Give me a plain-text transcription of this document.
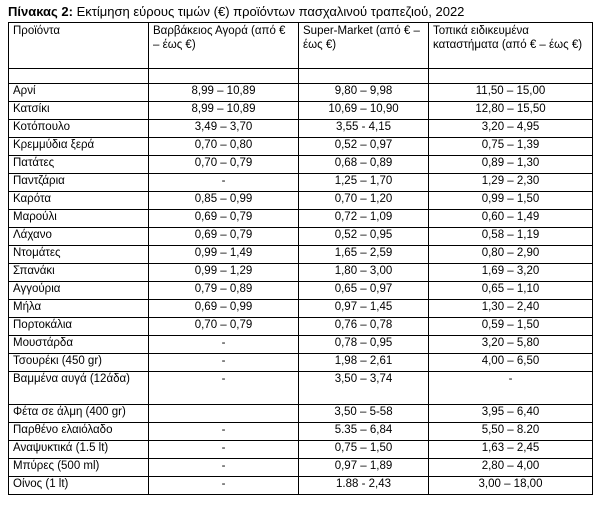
Πίνακας 2: Εκτίμηση εύρους τιμών (€) προϊόντων πασχαλινού τραπεζιού, 2022
Προϊόντα	Βαρβάκειος Αγορά (από € – έως €)	Super-Market (από € – έως €)	Τοπικά ειδικευμένα καταστήματα (από € – έως €)

Αρνί	8,99 – 10,89	9,80 – 9,98	11,50 – 15,00
Κατσίκι	8,99 – 10,89	10,69 – 10,90	12,80 – 15,50
Κοτόπουλο	3,49 – 3,70	3,55 - 4,15	3,20 – 4,95
Κρεμμύδια ξερά	0,70 – 0,80	0,52 – 0,97	0,75 – 1,39
Πατάτες	0,70 – 0,79	0,68 – 0,89	0,89 – 1,30
Παντζάρια	-	1,25 – 1,70	1,29 – 2,30
Καρότα	0,85 – 0,99	0,70 – 1,20	0,99 – 1,50
Μαρούλι	0,69 – 0,79	0,72 – 1,09	0,60 – 1,49
Λάχανο	0,69 – 0,79	0,52 – 0,95	0,58 – 1,19
Ντομάτες	0,99 – 1,49	1,65 – 2,59	0,80 – 2,90
Σπανάκι	0,99 – 1,29	1,80 – 3,00	1,69 – 3,20
Αγγούρια	0,79 – 0,89	0,65 – 0,97	0,65 – 1,10
Μήλα	0,69 – 0,99	0,97 – 1,45	1,30 – 2,40
Πορτοκάλια	0,70 – 0,79	0,76 – 0,78	0,59 – 1,50
Μουστάρδα	-	0,78 – 0,95	3,20 – 5,80
Τσουρέκι (450 gr)	-	1,98 – 2,61	4,00 – 6,50
Βαμμένα αυγά (12άδα)	-	3,50 – 3,74	-
Φέτα σε άλμη (400 gr)		3,50 – 5-58	3,95 – 6,40
Παρθένο ελαιόλαδο	-	5.35 – 6,84	5,50 – 8.20
Αναψυκτικά (1.5 lt)	-	0,75 – 1,50	1,63 – 2,45
Μπύρες (500 ml)	-	0,97 – 1,89	2,80 – 4,00
Οίνος (1 lt)	-	1.88 - 2,43	3,00 – 18,00
